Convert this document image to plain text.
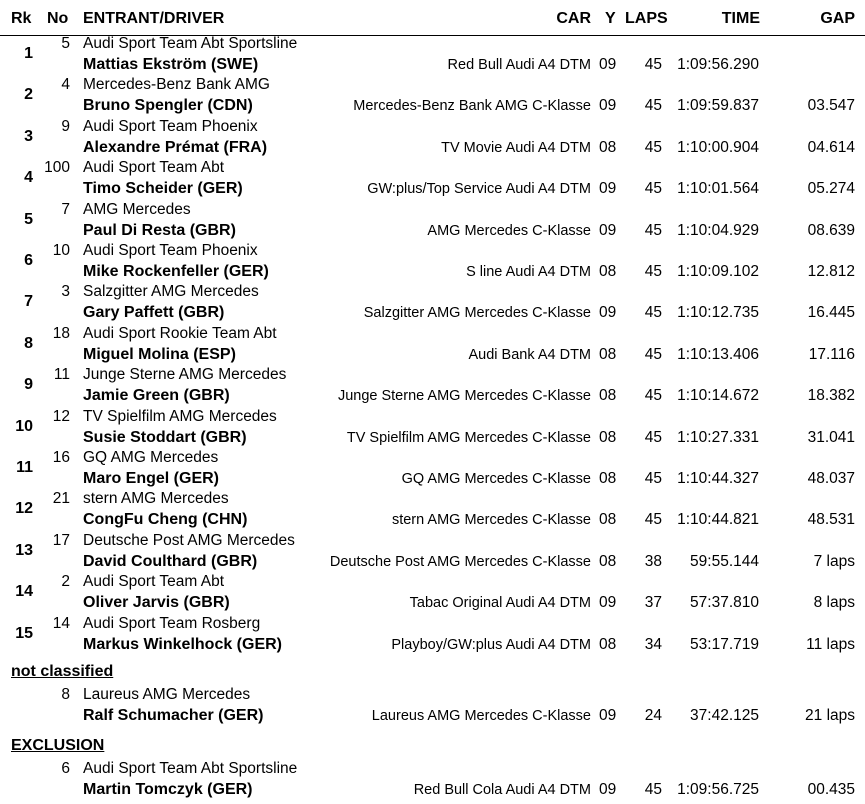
Rk No ENTRANT/DRIVER	CAR Y LAPS	TIME	GAP
1
5 Audi Sport Team Abt Sportsline
Mattias Ekström (SWE)	Red Bull Audi A4 DTM 09 45 1:09:56.290
2
4 Mercedes-Benz Bank AMG
Bruno Spengler (CDN)	Mercedes-Benz Bank AMG C-Klasse 09 45 1:09:59.837	03.547
3
9 Audi Sport Team Phoenix
Alexandre Prémat (FRA)	TV Movie Audi A4 DTM 08 45 1:10:00.904	04.614
4
100 Audi Sport Team Abt
Timo Scheider (GER)	GW:plus/Top Service Audi A4 DTM 09 45 1:10:01.564	05.274
5
7 AMG Mercedes
Paul Di Resta (GBR)	AMG Mercedes C-Klasse 09 45 1:10:04.929	08.639
6
10 Audi Sport Team Phoenix
Mike Rockenfeller (GER)	S line Audi A4 DTM 08 45 1:10:09.102	12.812
7
3 Salzgitter AMG Mercedes
Gary Paffett (GBR)	Salzgitter AMG Mercedes C-Klasse 09 45 1:10:12.735	16.445
8
18 Audi Sport Rookie Team Abt
Miguel Molina (ESP)	Audi Bank A4 DTM 08 45 1:10:13.406	17.116
9
11 Junge Sterne AMG Mercedes
Jamie Green (GBR)	Junge Sterne AMG Mercedes C-Klasse 08 45 1:10:14.672	18.382
10
12 TV Spielfilm AMG Mercedes
Susie Stoddart (GBR)	TV Spielfilm AMG Mercedes C-Klasse 08 45 1:10:27.331	31.041
11
16 GQ AMG Mercedes
Maro Engel (GER)	GQ AMG Mercedes C-Klasse 08 45 1:10:44.327	48.037
12
21 stern AMG Mercedes
CongFu Cheng (CHN)	stern AMG Mercedes C-Klasse 08 45 1:10:44.821	48.531
13
17 Deutsche Post AMG Mercedes
David Coulthard (GBR)	Deutsche Post AMG Mercedes C-Klasse 08 38 59:55.144	7 laps
14
2 Audi Sport Team Abt
Oliver Jarvis (GBR)	Tabac Original Audi A4 DTM 09 37 57:37.810	8 laps
15
14 Audi Sport Team Rosberg
Markus Winkelhock (GER)	Playboy/GW:plus Audi A4 DTM 08 34 53:17.719	11 laps
not classified
8 Laureus AMG Mercedes
Ralf Schumacher (GER)	Laureus AMG Mercedes C-Klasse 09 24 37:42.125	21 laps
EXCLUSION
6 Audi Sport Team Abt Sportsline
Martin Tomczyk (GER)	Red Bull Cola Audi A4 DTM 09 45 1:09:56.725	00.435
